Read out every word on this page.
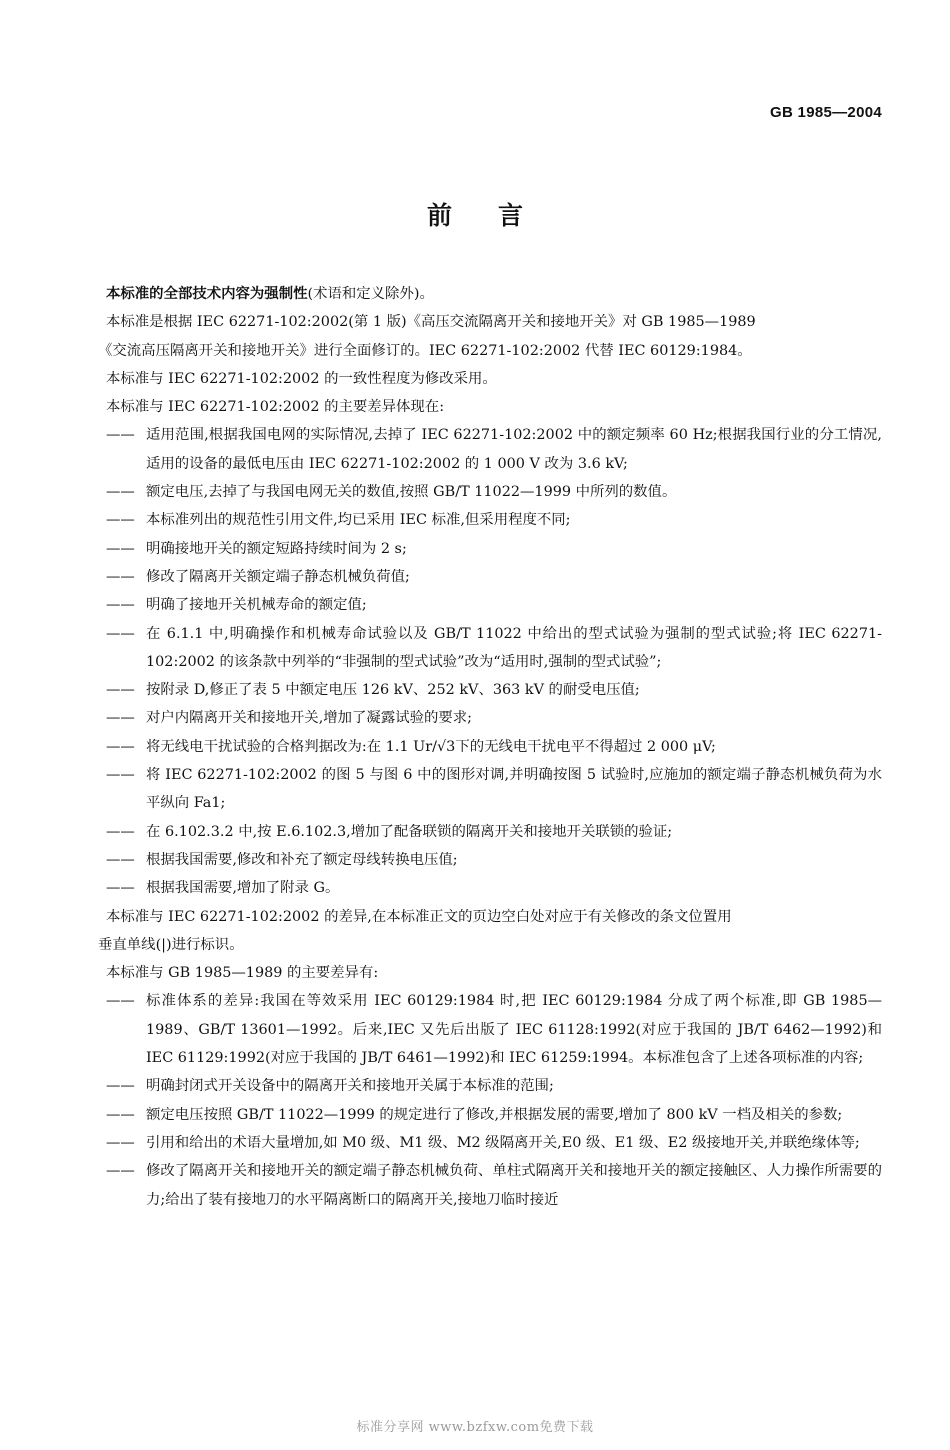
GB 1985—2004
前言
本标准的全部技术内容为强制性(术语和定义除外)。
本标准是根据 IEC 62271-102:2002(第 1 版)《高压交流隔离开关和接地开关》对 GB 1985—1989
《交流高压隔离开关和接地开关》进行全面修订的。IEC 62271-102:2002 代替 IEC 60129:1984。
本标准与 IEC 62271-102:2002 的一致性程度为修改采用。
本标准与 IEC 62271-102:2002 的主要差异体现在:
—— 适用范围,根据我国电网的实际情况,去掉了 IEC 62271-102:2002 中的额定频率 60 Hz;根据我国行业的分工情况,适用的设备的最低电压由 IEC 62271-102:2002 的 1 000 V 改为 3.6 kV;
—— 额定电压,去掉了与我国电网无关的数值,按照 GB/T 11022—1999 中所列的数值。
—— 本标准列出的规范性引用文件,均已采用 IEC 标准,但采用程度不同;
—— 明确接地开关的额定短路持续时间为 2 s;
—— 修改了隔离开关额定端子静态机械负荷值;
—— 明确了接地开关机械寿命的额定值;
—— 在 6.1.1 中,明确操作和机械寿命试验以及 GB/T 11022 中给出的型式试验为强制的型式试验;将 IEC 62271-102:2002 的该条款中列举的“非强制的型式试验”改为“适用时,强制的型式试验”;
—— 按附录 D,修正了表 5 中额定电压 126 kV、252 kV、363 kV 的耐受电压值;
—— 对户内隔离开关和接地开关,增加了凝露试验的要求;
—— 将无线电干扰试验的合格判据改为:在 1.1 Ur/√3下的无线电干扰电平不得超过 2 000 μV;
—— 将 IEC 62271-102:2002 的图 5 与图 6 中的图形对调,并明确按图 5 试验时,应施加的额定端子静态机械负荷为水平纵向 Fa1;
—— 在 6.102.3.2 中,按 E.6.102.3,增加了配备联锁的隔离开关和接地开关联锁的验证;
—— 根据我国需要,修改和补充了额定母线转换电压值;
—— 根据我国需要,增加了附录 G。
本标准与 IEC 62271-102:2002 的差异,在本标准正文的页边空白处对应于有关修改的条文位置用
垂直单线(|)进行标识。
本标准与 GB 1985—1989 的主要差异有:
—— 标准体系的差异:我国在等效采用 IEC 60129:1984 时,把 IEC 60129:1984 分成了两个标准,即 GB 1985—1989、GB/T 13601—1992。后来,IEC 又先后出版了 IEC 61128:1992(对应于我国的 JB/T 6462—1992)和 IEC 61129:1992(对应于我国的 JB/T 6461—1992)和 IEC 61259:1994。本标准包含了上述各项标准的内容;
—— 明确封闭式开关设备中的隔离开关和接地开关属于本标准的范围;
—— 额定电压按照 GB/T 11022—1999 的规定进行了修改,并根据发展的需要,增加了 800 kV 一档及相关的参数;
—— 引用和给出的术语大量增加,如 M0 级、M1 级、M2 级隔离开关,E0 级、E1 级、E2 级接地开关,并联绝缘体等;
—— 修改了隔离开关和接地开关的额定端子静态机械负荷、单柱式隔离开关和接地开关的额定接触区、人力操作所需要的力;给出了装有接地刀的水平隔离断口的隔离开关,接地刀临时接近
标准分享网 www.bzfxw.com免费下载
